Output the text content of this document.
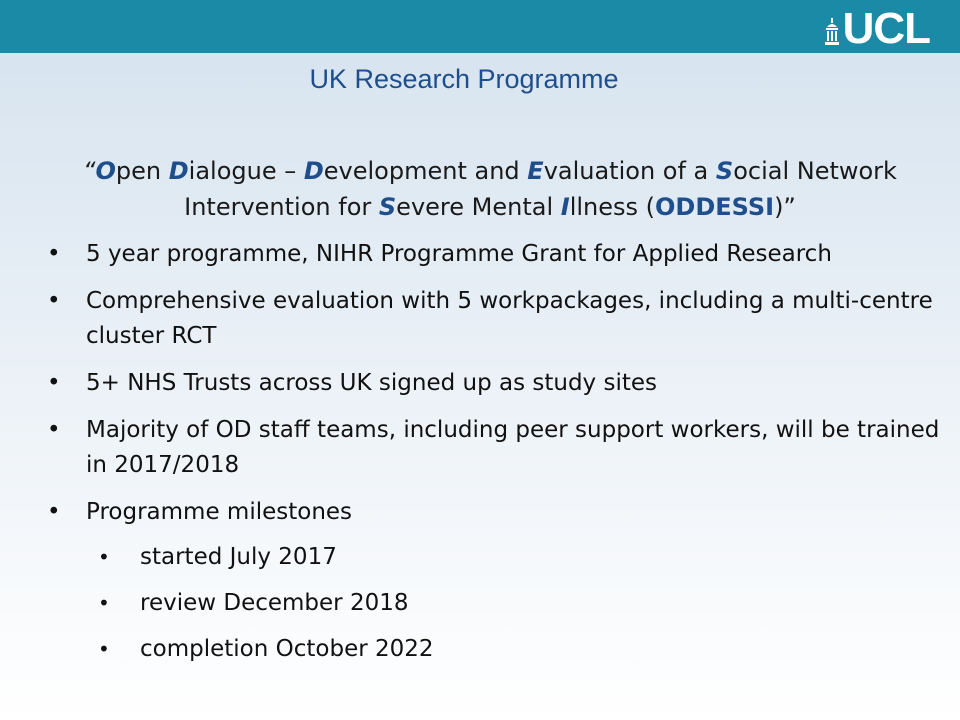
UCL
UK Research Programme
“Open Dialogue – Development and Evaluation of a Social Network
Intervention for Severe Mental Illness (ODDESSI)”
• 5 year programme, NIHR Programme Grant for Applied Research
• Comprehensive evaluation with 5 workpackages, including a multi-centre cluster RCT
• 5+ NHS Trusts across UK signed up as study sites
• Majority of OD staff teams, including peer support workers, will be trained in 2017/2018
• Programme milestones
• started July 2017
• review December 2018
• completion October 2022
